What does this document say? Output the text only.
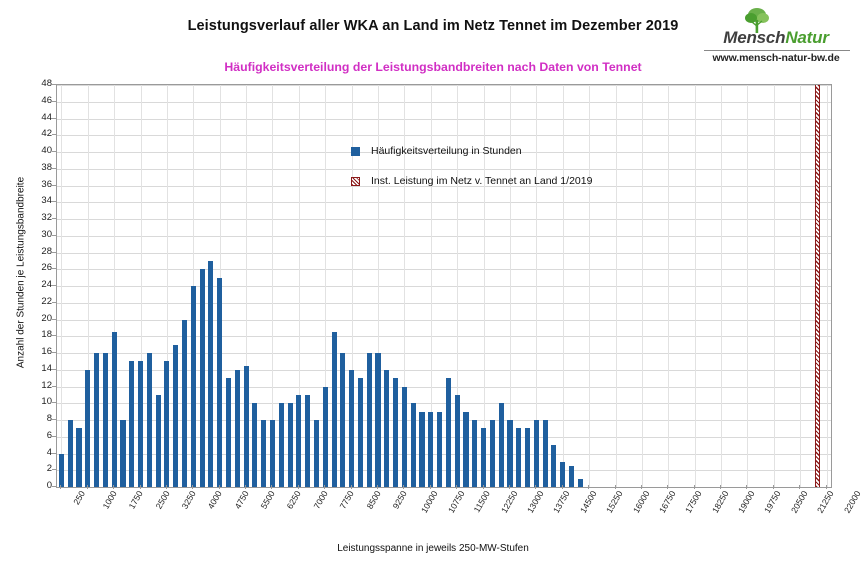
Leistungsverlauf aller WKA an Land im Netz Tennet im Dezember 2019
Häufigkeitsverteilung der Leistungsbandbreiten nach Daten von Tennet
MenschNatur
www.mensch-natur-bw.de
Anzahl der Stunden je Leistungsbandbreite
Leistungsspanne in jeweils 250-MW-Stufen
0
2
4
6
8
10
12
14
16
18
20
22
24
26
28
30
32
34
36
38
40
42
44
46
48
Häufigkeitsverteilung in Stunden
Inst. Leistung im Netz v. Tennet an Land 1/2019
250 1000 1750 2500 3250 4000 4750 5500 6250 7000 7750 8500 9250 10000 10750 11500 12250 13000 13750 14500 15250 16000 16750 17500 18250 19000 19750 20500 21250 22000
